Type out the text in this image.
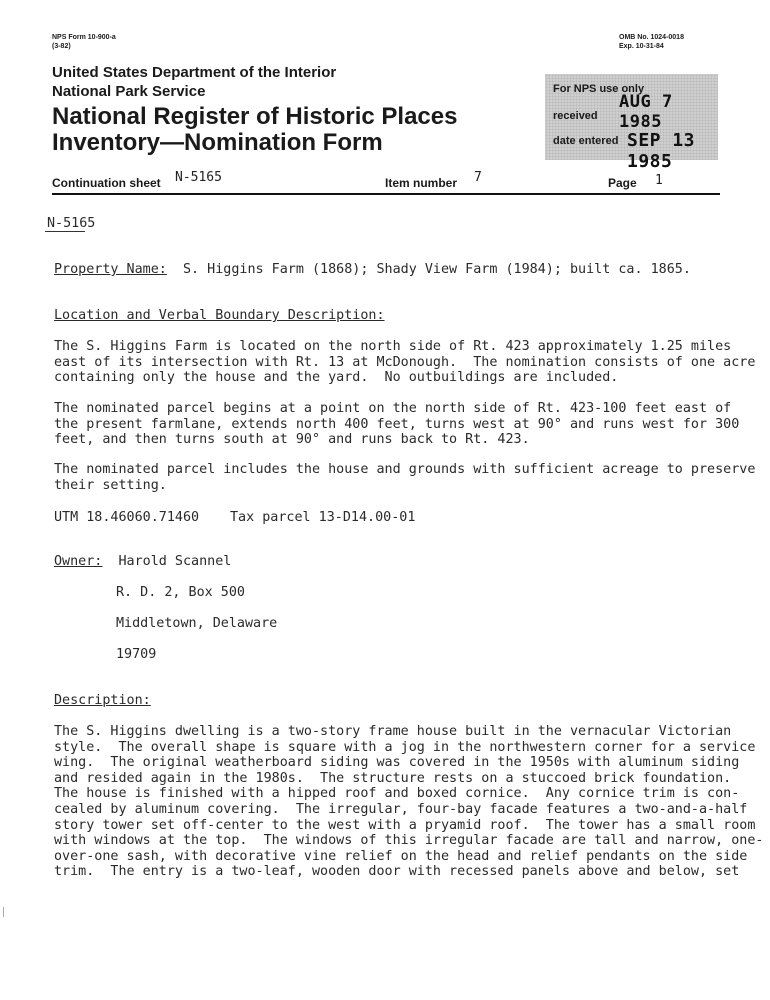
NPS Form 10-900-a
(3-82)
OMB No. 1024-0018
Exp. 10-31-84
United States Department of the Interior
National Park Service
National Register of Historic Places
Inventory—Nomination Form
For NPS use only
received
AUG 7 1985
date entered SEP 13 1985
Continuation sheet N-5165	Item number 7	Page 1
N-5165
Property Name: S. Higgins Farm (1868); Shady View Farm (1984); built ca. 1865.
Location and Verbal Boundary Description:
The S. Higgins Farm is located on the north side of Rt. 423 approximately 1.25 miles
east of its intersection with Rt. 13 at McDonough.  The nomination consists of one acre
containing only the house and the yard.  No outbuildings are included.
The nominated parcel begins at a point on the north side of Rt. 423-100 feet east of
the present farmlane, extends north 400 feet, turns west at 90° and runs west for 300
feet, and then turns south at 90° and runs back to Rt. 423.
The nominated parcel includes the house and grounds with sufficient acreage to preserve
their setting.
UTM 18.46060.71460 Tax parcel 13-D14.00-01
Owner: Harold Scannel
R. D. 2, Box 500
Middletown, Delaware
19709
Description:
The S. Higgins dwelling is a two-story frame house built in the vernacular Victorian
style.  The overall shape is square with a jog in the northwestern corner for a service
wing.  The original weatherboard siding was covered in the 1950s with aluminum siding
and resided again in the 1980s.  The structure rests on a stuccoed brick foundation.
The house is finished with a hipped roof and boxed cornice.  Any cornice trim is con-
cealed by aluminum covering.  The irregular, four-bay facade features a two-and-a-half
story tower set off-center to the west with a pryamid roof.  The tower has a small room
with windows at the top.  The windows of this irregular facade are tall and narrow, one-
over-one sash, with decorative vine relief on the head and relief pendants on the side
trim.  The entry is a two-leaf, wooden door with recessed panels above and below, set
